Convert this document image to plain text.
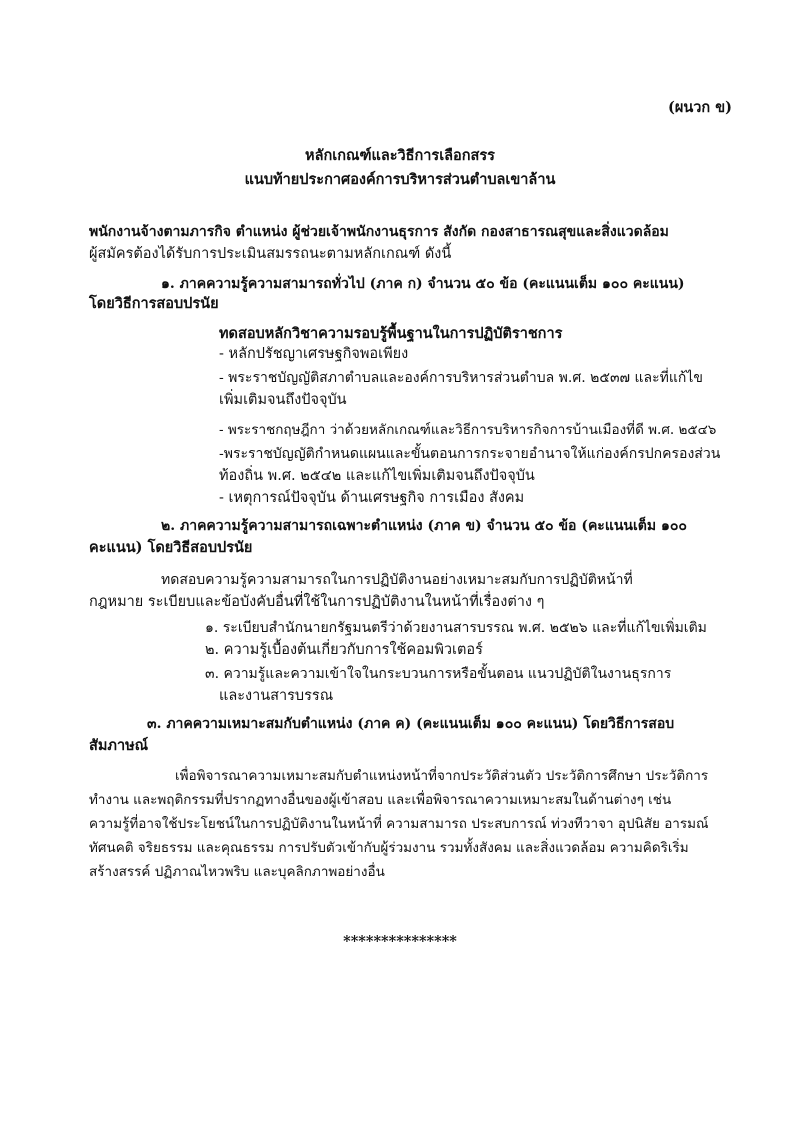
(ผนวก ข)
หลักเกณฑ์และวิธีการเลือกสรร
แนบท้ายประกาศองค์การบริหารส่วนตำบลเขาล้าน
พนักงานจ้างตามภารกิจ ตำแหน่ง ผู้ช่วยเจ้าพนักงานธุรการ สังกัด กองสาธารณสุขและสิ่งแวดล้อม
ผู้สมัครต้องได้รับการประเมินสมรรถนะตามหลักเกณฑ์ ดังนี้
๑. ภาคความรู้ความสามารถทั่วไป (ภาค ก) จำนวน ๕๐ ข้อ (คะแนนเต็ม ๑๐๐ คะแนน)
โดยวิธีการสอบปรนัย
ทดสอบหลักวิชาความรอบรู้พื้นฐานในการปฏิบัติราชการ
- หลักปรัชญาเศรษฐกิจพอเพียง
- พระราชบัญญัติสภาตำบลและองค์การบริหารส่วนตำบล พ.ศ. ๒๕๓๗ และที่แก้ไข
เพิ่มเติมจนถึงปัจจุบัน
- พระราชกฤษฎีกา ว่าด้วยหลักเกณฑ์และวิธีการบริหารกิจการบ้านเมืองที่ดี พ.ศ. ๒๕๔๖
-พระราชบัญญัติกำหนดแผนและขั้นตอนการกระจายอำนาจให้แก่องค์กรปกครองส่วน
ท้องถิ่น พ.ศ. ๒๕๔๒ และแก้ไขเพิ่มเติมจนถึงปัจจุบัน
- เหตุการณ์ปัจจุบัน ด้านเศรษฐกิจ การเมือง สังคม
๒. ภาคความรู้ความสามารถเฉพาะตำแหน่ง (ภาค ข) จำนวน ๕๐ ข้อ (คะแนนเต็ม ๑๐๐
คะแนน) โดยวิธีสอบปรนัย
ทดสอบความรู้ความสามารถในการปฏิบัติงานอย่างเหมาะสมกับการปฏิบัติหน้าที่
กฎหมาย ระเบียบและข้อบังคับอื่นที่ใช้ในการปฏิบัติงานในหน้าที่เรื่องต่าง ๆ
๑. ระเบียบสำนักนายกรัฐมนตรีว่าด้วยงานสารบรรณ พ.ศ. ๒๕๒๖ และที่แก้ไขเพิ่มเติม
๒. ความรู้เบื้องต้นเกี่ยวกับการใช้คอมพิวเตอร์
๓. ความรู้และความเข้าใจในกระบวนการหรือขั้นตอน แนวปฏิบัติในงานธุรการ
และงานสารบรรณ
๓. ภาคความเหมาะสมกับตำแหน่ง (ภาค ค) (คะแนนเต็ม ๑๐๐ คะแนน) โดยวิธีการสอบ
สัมภาษณ์
เพื่อพิจารณาความเหมาะสมกับตำแหน่งหน้าที่จากประวัติส่วนตัว ประวัติการศึกษา ประวัติการ
ทำงาน และพฤติกรรมที่ปรากฏทางอื่นของผู้เข้าสอบ และเพื่อพิจารณาความเหมาะสมในด้านต่างๆ เช่น
ความรู้ที่อาจใช้ประโยชน์ในการปฏิบัติงานในหน้าที่ ความสามารถ ประสบการณ์ ท่วงทีวาจา อุปนิสัย อารมณ์
ทัศนคติ จริยธรรม และคุณธรรม การปรับตัวเข้ากับผู้ร่วมงาน รวมทั้งสังคม และสิ่งแวดล้อม ความคิดริเริ่ม
สร้างสรรค์ ปฏิภาณไหวพริบ และบุคลิกภาพอย่างอื่น
***************
